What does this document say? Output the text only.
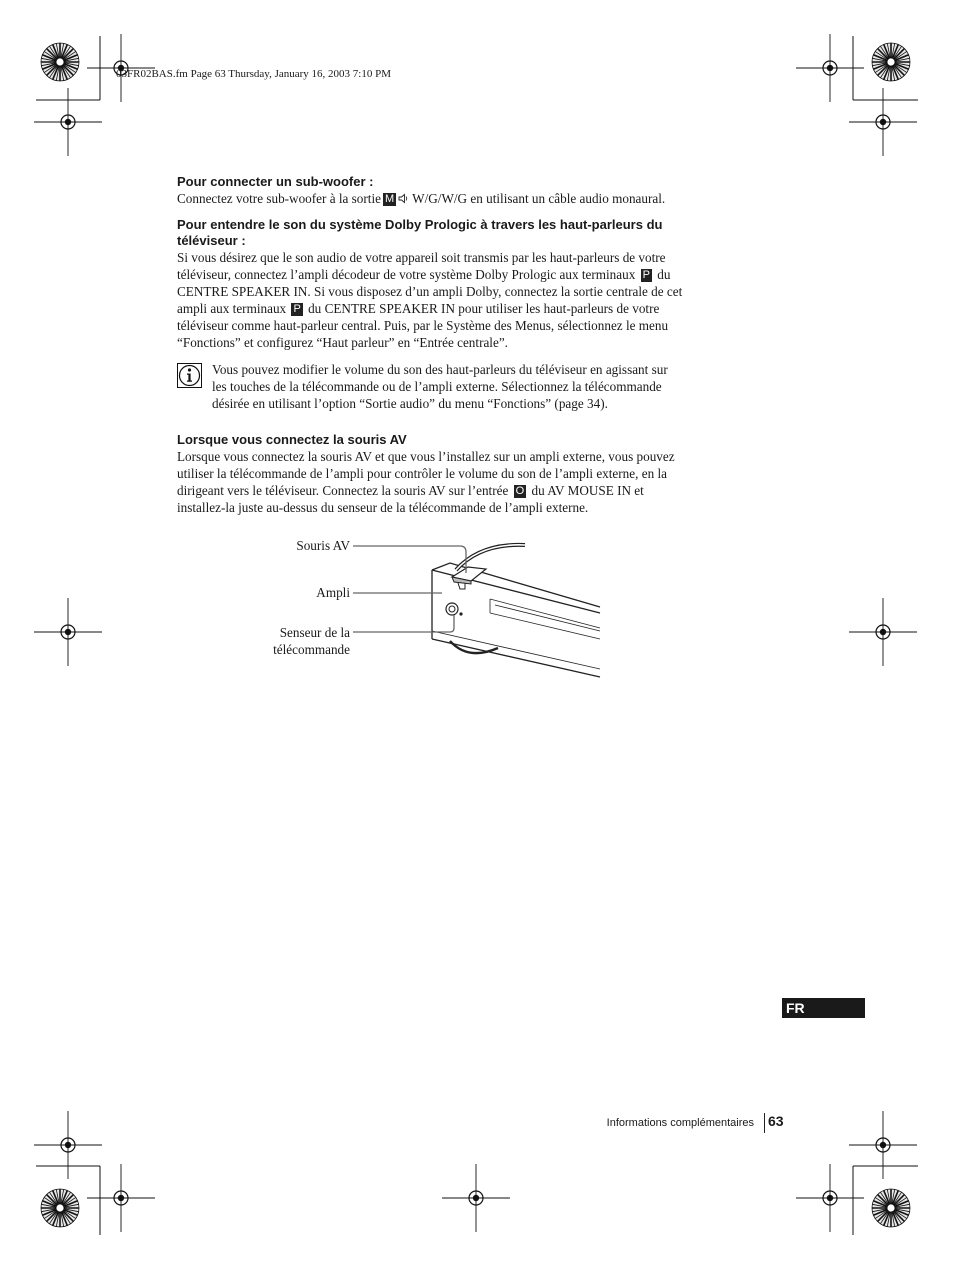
03FR02BAS.fm Page 63 Thursday, January 16, 2003 7:10 PM
Pour connecter un sub-woofer :

Connectez votre sub-woofer à la sortie M W/G/W/G en utilisant un câble audio monaural.

Pour entendre le son du système Dolby Prologic à travers les haut-parleurs du
téléviseur :

Si vous désirez que le son audio de votre appareil soit transmis par les haut-parleurs de votre
téléviseur, connectez l’ampli décodeur de votre système Dolby Prologic aux terminaux P du
CENTRE SPEAKER IN. Si vous disposez d’un ampli Dolby, connectez la sortie centrale de cet
ampli aux terminaux P du CENTRE SPEAKER IN pour utiliser les haut-parleurs de votre
téléviseur comme haut-parleur central. Puis, par le Système des Menus, sélectionnez le menu
“Fonctions” et configurez “Haut parleur” en “Entrée centrale”.

Vous pouvez modifier le volume du son des haut-parleurs du téléviseur en agissant sur
les touches de la télécommande ou de l’ampli externe. Sélectionnez la télécommande
désirée en utilisant l’option “Sortie audio” du menu “Fonctions” (page 34).

Lorsque vous connectez la souris AV

Lorsque vous connectez la souris AV et que vous l’installez sur un ampli externe, vous pouvez
utiliser la télécommande de l’ampli pour contrôler le volume du son de l’ampli externe, en la
dirigeant vers le téléviseur. Connectez la souris AV sur l’entrée O du AV MOUSE IN et
installez-la juste au-dessus du senseur de la télécommande de l’ampli externe.

Souris AV
Ampli
Senseur de la
télécommande
FR
Informations complémentaires 63
